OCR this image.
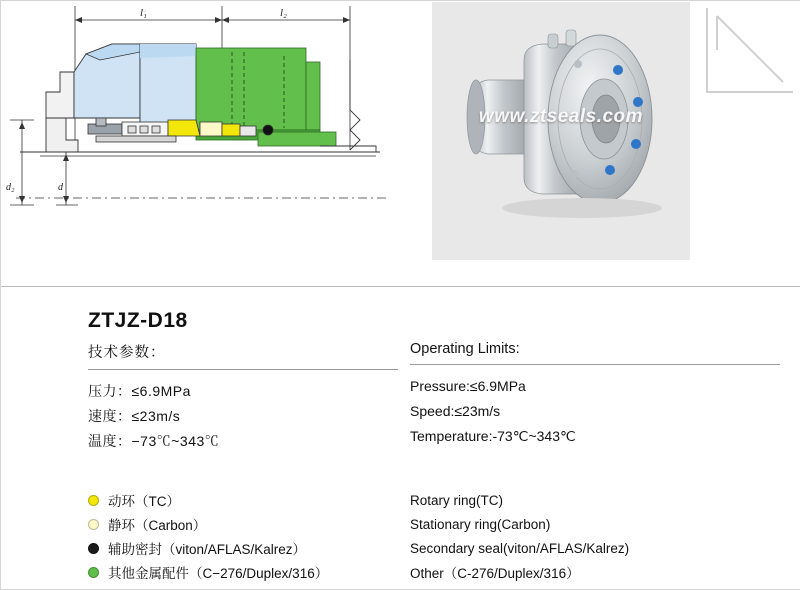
l₁	l₂
d₂	d
www.ztseals.com
ZTJZ-D18
技术参数：
压力：≤6.9MPa
速度：≤23m/s
温度：−73℃~343℃
Operating Limits:
Pressure:≤6.9MPa
Speed:≤23m/s
Temperature:-73℃~343℃
动环（TC）
静环（Carbon）
辅助密封（viton/AFLAS/Kalrez）
其他金属配件（C−276/Duplex/316）
Rotary ring(TC)
Stationary ring(Carbon)
Secondary seal(viton/AFLAS/Kalrez)
Other（C-276/Duplex/316）
